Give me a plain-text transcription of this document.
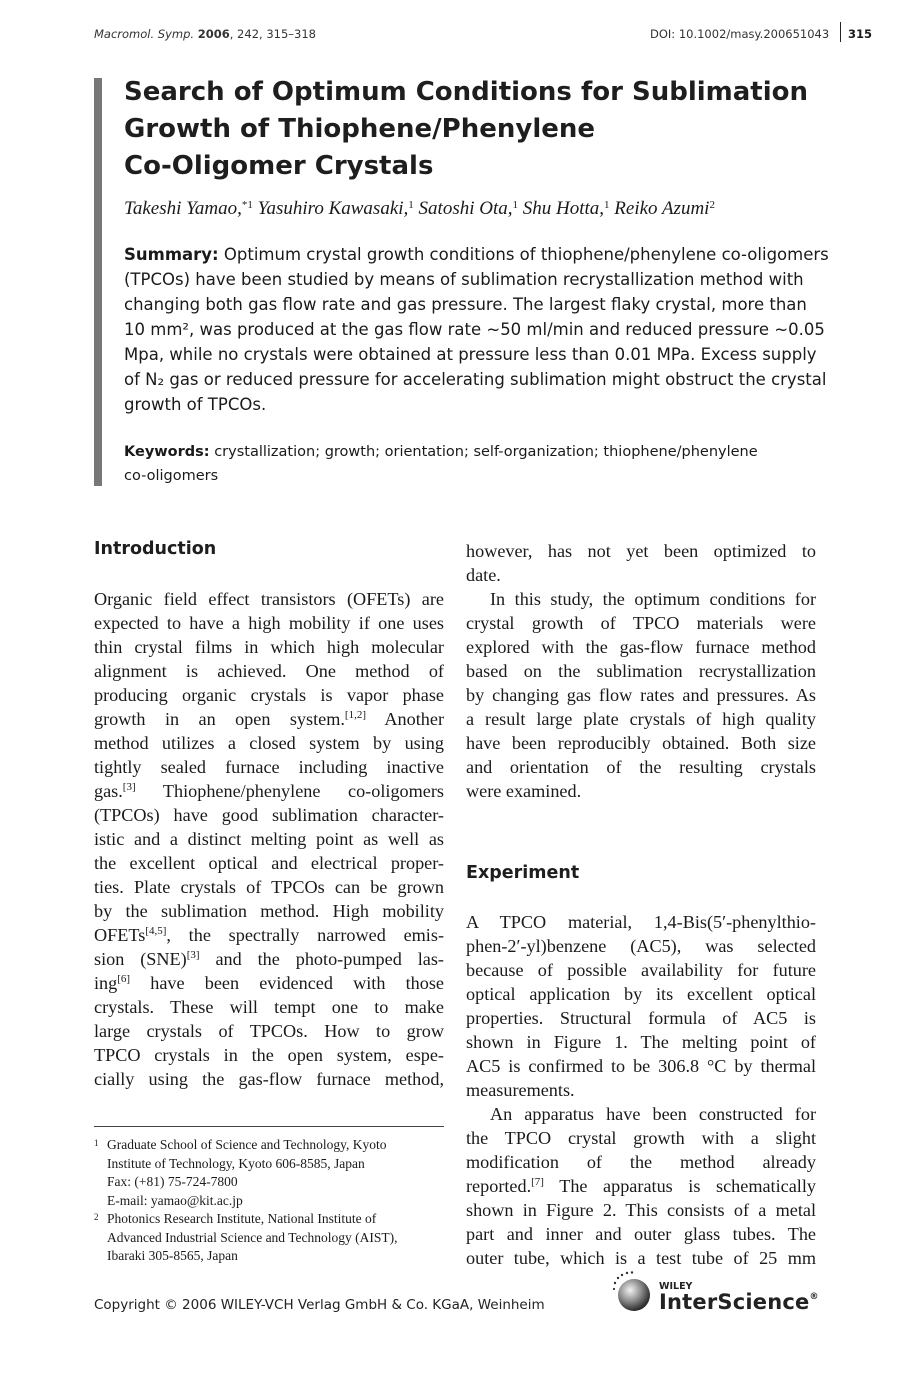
Macromol. Symp. 2006, 242, 315–318	DOI: 10.1002/masy.200651043 315
Search of Optimum Conditions for Sublimation
Growth of Thiophene/Phenylene
Co-Oligomer Crystals
Takeshi Yamao,$^{*1}$ Yasuhiro Kawasaki,$^1$ Satoshi Ota,$^1$ Shu Hotta,$^1$ Reiko Azumi$^2$
Summary: Optimum crystal growth conditions of thiophene/phenylene co-oligomers
(TPCOs) have been studied by means of sublimation recrystallization method with
changing both gas flow rate and gas pressure. The largest flaky crystal, more than
10 mm², was produced at the gas flow rate ~50 ml/min and reduced pressure ~0.05
Mpa, while no crystals were obtained at pressure less than 0.01 MPa. Excess supply
of N₂ gas or reduced pressure for accelerating sublimation might obstruct the crystal
growth of TPCOs.
Keywords: crystallization; growth; orientation; self-organization; thiophene/phenylene
co-oligomers
Introduction
Organic field effect transistors (OFETs) are
expected to have a high mobility if one uses
thin crystal films in which high molecular
alignment is achieved. One method of
producing organic crystals is vapor phase
growth in an open system.[1,2] Another
method utilizes a closed system by using
tightly sealed furnace including inactive
gas.[3] Thiophene/phenylene co-oligomers
(TPCOs) have good sublimation character-
istic and a distinct melting point as well as
the excellent optical and electrical proper-
ties. Plate crystals of TPCOs can be grown
by the sublimation method. High mobility
OFETs[4,5], the spectrally narrowed emis-
sion (SNE)[3] and the photo-pumped las-
ing[6] have been evidenced with those
crystals. These will tempt one to make
large crystals of TPCOs. How to grow
TPCO crystals in the open system, espe-
cially using the gas-flow furnace method,
however, has not yet been optimized to
date.
In this study, the optimum conditions for
crystal growth of TPCO materials were
explored with the gas-flow furnace method
based on the sublimation recrystallization
by changing gas flow rates and pressures. As
a result large plate crystals of high quality
have been reproducibly obtained. Both size
and orientation of the resulting crystals
were examined.
Experiment
A TPCO material, 1,4-Bis(5′-phenylthio-
phen-2′-yl)benzene (AC5), was selected
because of possible availability for future
optical application by its excellent optical
properties. Structural formula of AC5 is
shown in Figure 1. The melting point of
AC5 is confirmed to be 306.8 °C by thermal
measurements.
An apparatus have been constructed for
the TPCO crystal growth with a slight
modification of the method already
reported.[7] The apparatus is schematically
shown in Figure 2. This consists of a metal
part and inner and outer glass tubes. The
outer tube, which is a test tube of 25 mm
1 Graduate School of Science and Technology, Kyoto
Institute of Technology, Kyoto 606-8585, Japan
Fax: (+81) 75-724-7800
E-mail: yamao@kit.ac.jp
2 Photonics Research Institute, National Institute of
Advanced Industrial Science and Technology (AIST),
Ibaraki 305-8565, Japan
Copyright © 2006 WILEY-VCH Verlag GmbH & Co. KGaA, Weinheim
WILEY
InterScience®
